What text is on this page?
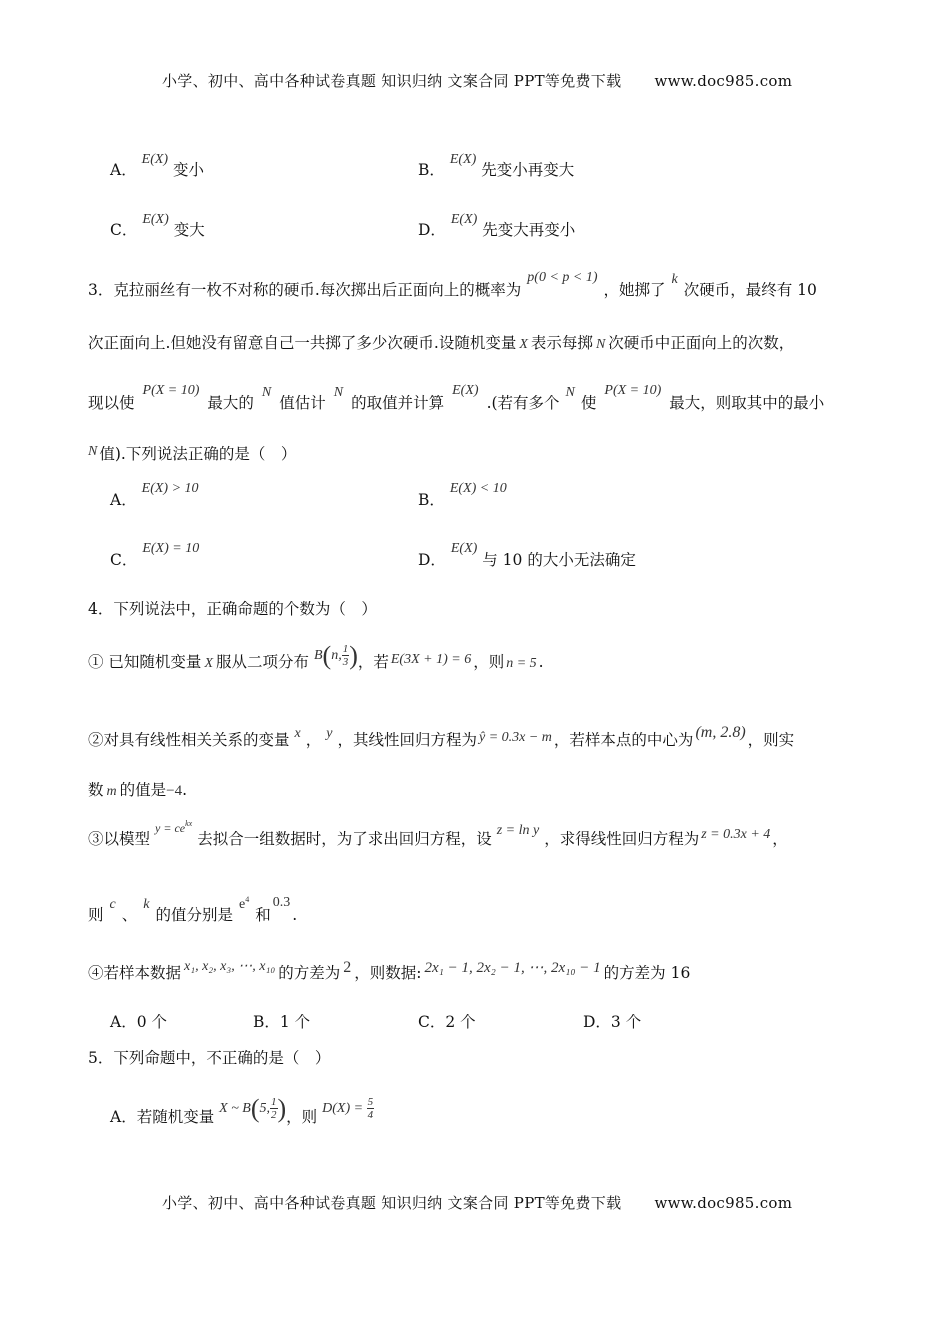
小学、初中、高中各种试卷真题 知识归纳 文案合同 PPT等免费下载 www.doc985.com
A． E(X) 变小	B． E(X) 先变小再变大
C． E(X) 变大	D． E(X) 先变大再变小
3．克拉丽丝有一枚不对称的硬币.每次掷出后正面向上的概率为p(0 < p < 1)，她掷了k次硬币，最终有 10
次正面向上.但她没有留意自己一共掷了多少次硬币.设随机变量 X 表示每掷 N 次硬币中正面向上的次数，
现以使P(X = 10)最大的N值估计N的取值并计算E(X).(若有多个N使P(X = 10)最大，则取其中的最小
N 值).下列说法正确的是（　）
A． E(X) > 10
B． E(X) < 10
C． E(X) = 10
D． E(X) 与 10 的大小无法确定
4．下列说法中，正确命题的个数为（　）
① 已知随机变量 X 服从二项分布 B(n, $\frac{1}{3}$ )，若 E(3X + 1) = 6 ，则 n = 5 .
②对具有线性相关关系的变量 x ， y ，其线性回归方程为 ŷ = 0.3x − m ，若样本点的中心为 (m, 2.8) ，则实
数 m 的值是−4.
③以模型$^{y = ce^{kx}}$去拟合一组数据时，为了求出回归方程，设 z = ln y ，求得线性回归方程为 z = 0.3x + 4 ，
则c、k的值分别是$e^4$和0.3.
④若样本数据 x₁, x₂, x₃, ⋯, x₁₀ 的方差为 2 ，则数据: 2x₁ − 1, 2x₂ − 1, ⋯, 2x₁₀ − 1 的方差为 16
A．0 个	B．1 个	C．2 个	D．3 个
5．下列命题中，不正确的是（　）
A．若随机变量 X ~ B(5, $\frac{1}{2}$ )，则 $D(X) = \frac{5}{4}$
小学、初中、高中各种试卷真题 知识归纳 文案合同 PPT等免费下载 www.doc985.com
